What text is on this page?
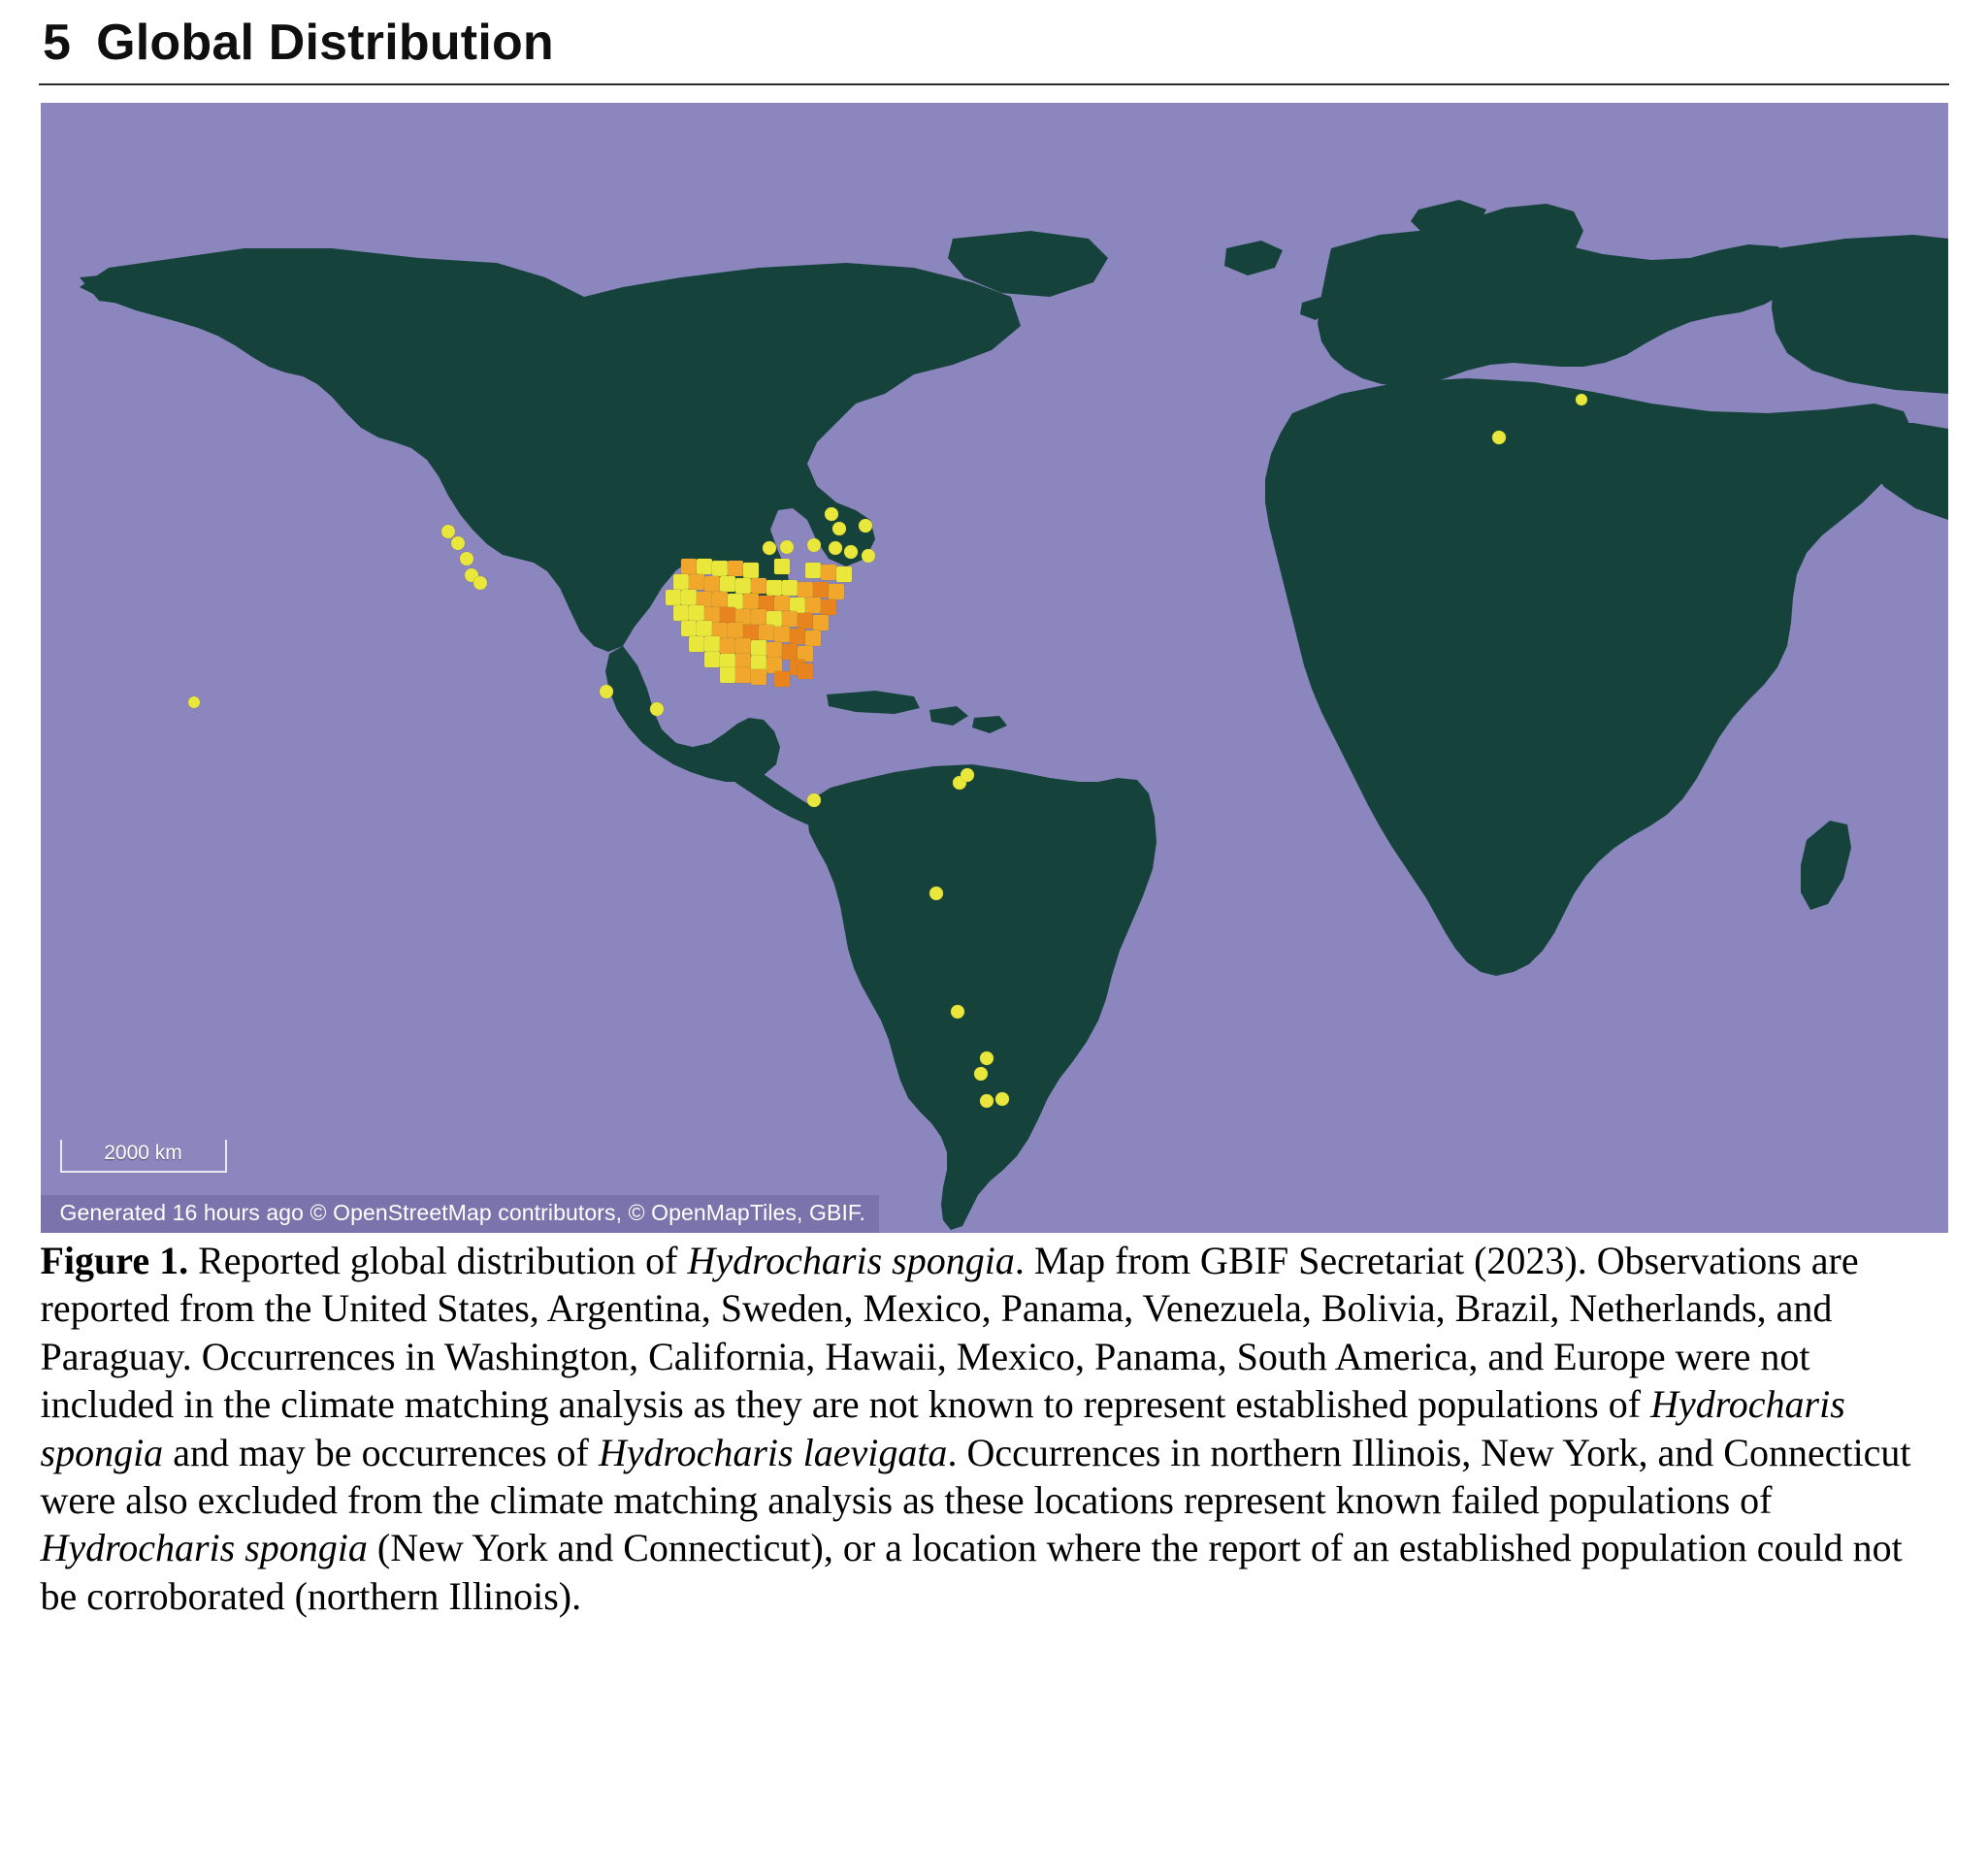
5 Global Distribution
2000 km
Generated 16 hours ago © OpenStreetMap contributors, © OpenMapTiles, GBIF.
Figure 1. Reported global distribution of Hydrocharis spongia. Map from GBIF Secretariat (2023). Observations are reported from the United States, Argentina, Sweden, Mexico, Panama, Venezuela, Bolivia, Brazil, Netherlands, and Paraguay. Occurrences in Washington, California, Hawaii, Mexico, Panama, South America, and Europe were not included in the climate matching analysis as they are not known to represent established populations of Hydrocharis spongia and may be occurrences of Hydrocharis laevigata. Occurrences in northern Illinois, New York, and Connecticut were also excluded from the climate matching analysis as these locations represent known failed populations of Hydrocharis spongia (New York and Connecticut), or a location where the report of an established population could not be corroborated (northern Illinois).
